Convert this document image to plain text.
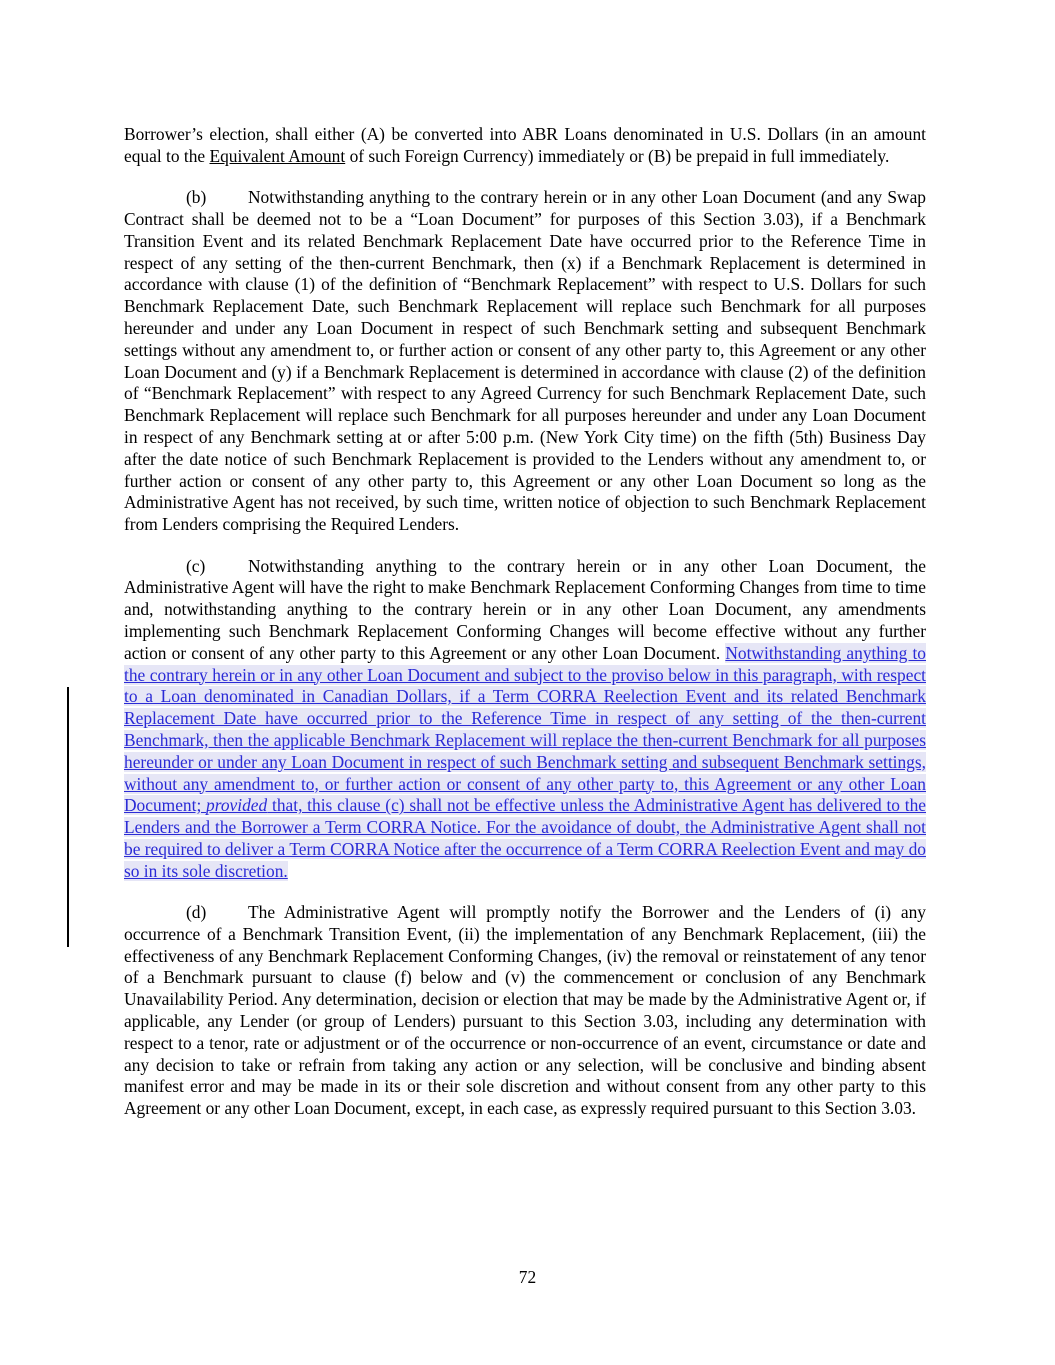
Borrower’s election, shall either (A) be converted into ABR Loans denominated in U.S. Dollars (in an amount equal to the Equivalent Amount of such Foreign Currency) immediately or (B) be prepaid in full immediately.

(b) Notwithstanding anything to the contrary herein or in any other Loan Document (and any Swap Contract shall be deemed not to be a “Loan Document” for purposes of this Section 3.03), if a Benchmark Transition Event and its related Benchmark Replacement Date have occurred prior to the Reference Time in respect of any setting of the then-current Benchmark, then (x) if a Benchmark Replacement is determined in accordance with clause (1) of the definition of “Benchmark Replacement” with respect to U.S. Dollars for such Benchmark Replacement Date, such Benchmark Replacement will replace such Benchmark for all purposes hereunder and under any Loan Document in respect of such Benchmark setting and subsequent Benchmark settings without any amendment to, or further action or consent of any other party to, this Agreement or any other Loan Document and (y) if a Benchmark Replacement is determined in accordance with clause (2) of the definition of “Benchmark Replacement” with respect to any Agreed Currency for such Benchmark Replacement Date, such Benchmark Replacement will replace such Benchmark for all purposes hereunder and under any Loan Document in respect of any Benchmark setting at or after 5:00 p.m. (New York City time) on the fifth (5th) Business Day after the date notice of such Benchmark Replacement is provided to the Lenders without any amendment to, or further action or consent of any other party to, this Agreement or any other Loan Document so long as the Administrative Agent has not received, by such time, written notice of objection to such Benchmark Replacement from Lenders comprising the Required Lenders.

(c) Notwithstanding anything to the contrary herein or in any other Loan Document, the Administrative Agent will have the right to make Benchmark Replacement Conforming Changes from time to time and, notwithstanding anything to the contrary herein or in any other Loan Document, any amendments implementing such Benchmark Replacement Conforming Changes will become effective without any further action or consent of any other party to this Agreement or any other Loan Document. Notwithstanding anything to the contrary herein or in any other Loan Document and subject to the proviso below in this paragraph, with respect to a Loan denominated in Canadian Dollars, if a Term CORRA Reelection Event and its related Benchmark Replacement Date have occurred prior to the Reference Time in respect of any setting of the then-current Benchmark, then the applicable Benchmark Replacement will replace the then-current Benchmark for all purposes hereunder or under any Loan Document in respect of such Benchmark setting and subsequent Benchmark settings, without any amendment to, or further action or consent of any other party to, this Agreement or any other Loan Document; provided that, this clause (c) shall not be effective unless the Administrative Agent has delivered to the Lenders and the Borrower a Term CORRA Notice. For the avoidance of doubt, the Administrative Agent shall not be required to deliver a Term CORRA Notice after the occurrence of a Term CORRA Reelection Event and may do so in its sole discretion.

(d) The Administrative Agent will promptly notify the Borrower and the Lenders of (i) any occurrence of a Benchmark Transition Event, (ii) the implementation of any Benchmark Replacement, (iii) the effectiveness of any Benchmark Replacement Conforming Changes, (iv) the removal or reinstatement of any tenor of a Benchmark pursuant to clause (f) below and (v) the commencement or conclusion of any Benchmark Unavailability Period. Any determination, decision or election that may be made by the Administrative Agent or, if applicable, any Lender (or group of Lenders) pursuant to this Section 3.03, including any determination with respect to a tenor, rate or adjustment or of the occurrence or non-occurrence of an event, circumstance or date and any decision to take or refrain from taking any action or any selection, will be conclusive and binding absent manifest error and may be made in its or their sole discretion and without consent from any other party to this Agreement or any other Loan Document, except, in each case, as expressly required pursuant to this Section 3.03.

72
